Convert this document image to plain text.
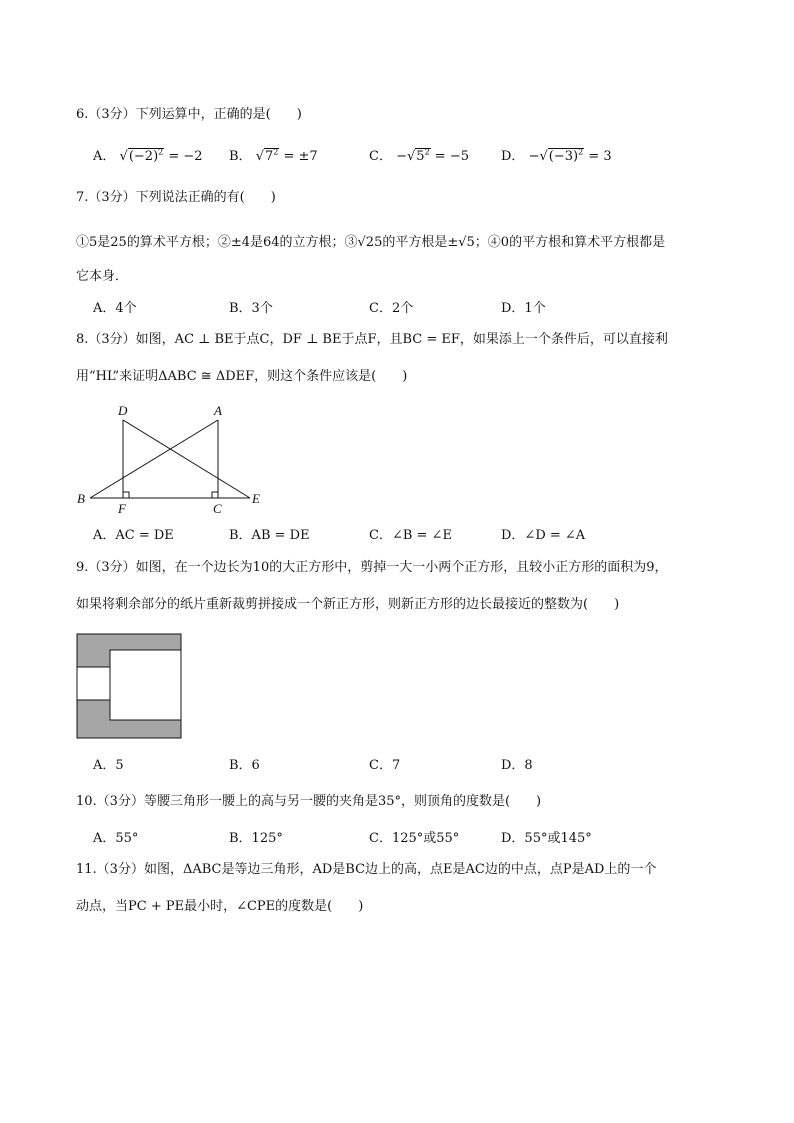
6.（3分）下列运算中，正确的是(　　)
A． $√(-2)^2 = -2$ B． $√7^2 = \pm 7$	C． $-√5^2 = -5$ D． $-√(-3)^2 = 3$
7.（3分）下列说法正确的有(　　)
①5是25的算术平方根；②±4是64的立方根；③√25的平方根是±√5；④0的平方根和算术平方根都是
它本身．
A．4个	B．3个	C．2个	D．1个
8.（3分）如图，AC ⊥ BE于点C，DF ⊥ BE于点F，且BC = EF，如果添上一个条件后，可以直接利
用“HL”来证明ΔABC ≅ ΔDEF，则这个条件应该是(　　)
D	A
B	E
F	C
A．AC = DE	B．AB = DE	C．∠B = ∠E	D．∠D = ∠A
9.（3分）如图，在一个边长为10的大正方形中，剪掉一大一小两个正方形，且较小正方形的面积为9，
如果将剩余部分的纸片重新裁剪拼接成一个新正方形，则新正方形的边长最接近的整数为(　　)
A．5	B．6	C．7	D．8
10.（3分）等腰三角形一腰上的高与另一腰的夹角是35°，则顶角的度数是(　　)
A．55°	B．125°	C．125°或55°	D．55°或145°
11.（3分）如图，ΔABC是等边三角形，AD是BC边上的高，点E是AC边的中点，点P是AD上的一个
动点，当PC + PE最小时，∠CPE的度数是(　　)
